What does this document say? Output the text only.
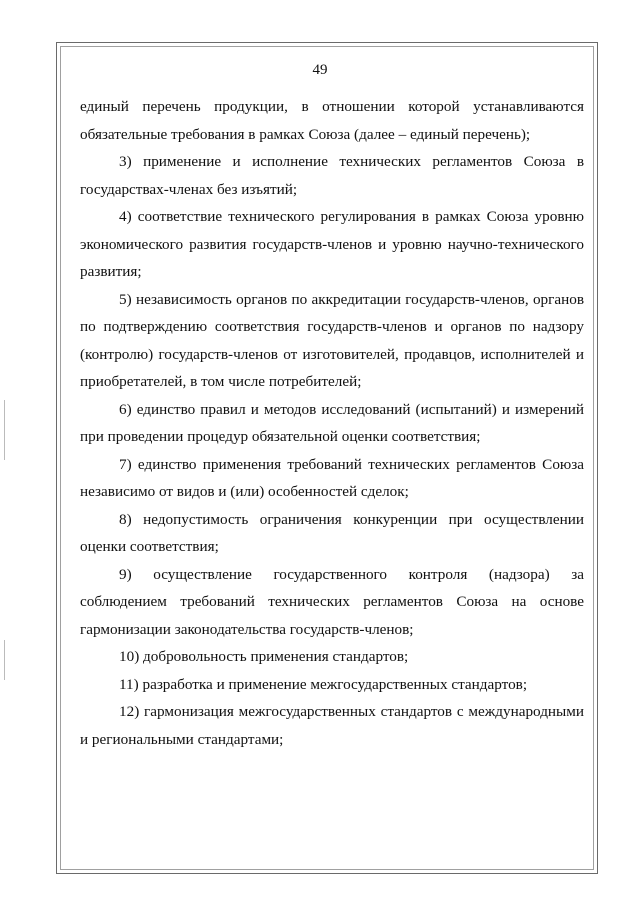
49

единый перечень продукции, в отношении которой устанавливаются обязательные требования в рамках Союза (далее – единый перечень);

3) применение и исполнение технических регламентов Союза в государствах-членах без изъятий;

4) соответствие технического регулирования в рамках Союза уровню экономического развития государств-членов и уровню научно-технического развития;

5) независимость органов по аккредитации государств-членов, органов по подтверждению соответствия государств-членов и органов по надзору (контролю) государств-членов от изготовителей, продавцов, исполнителей и приобретателей, в том числе потребителей;

6) единство правил и методов исследований (испытаний) и измерений при проведении процедур обязательной оценки соответствия;

7) единство применения требований технических регламентов Союза независимо от видов и (или) особенностей сделок;

8) недопустимость ограничения конкуренции при осуществлении оценки соответствия;

9) осуществление государственного контроля (надзора) за соблюдением требований технических регламентов Союза на основе гармонизации законодательства государств-членов;

10) добровольность применения стандартов;

11) разработка и применение межгосударственных стандартов;

12) гармонизация межгосударственных стандартов с международными и региональными стандартами;
